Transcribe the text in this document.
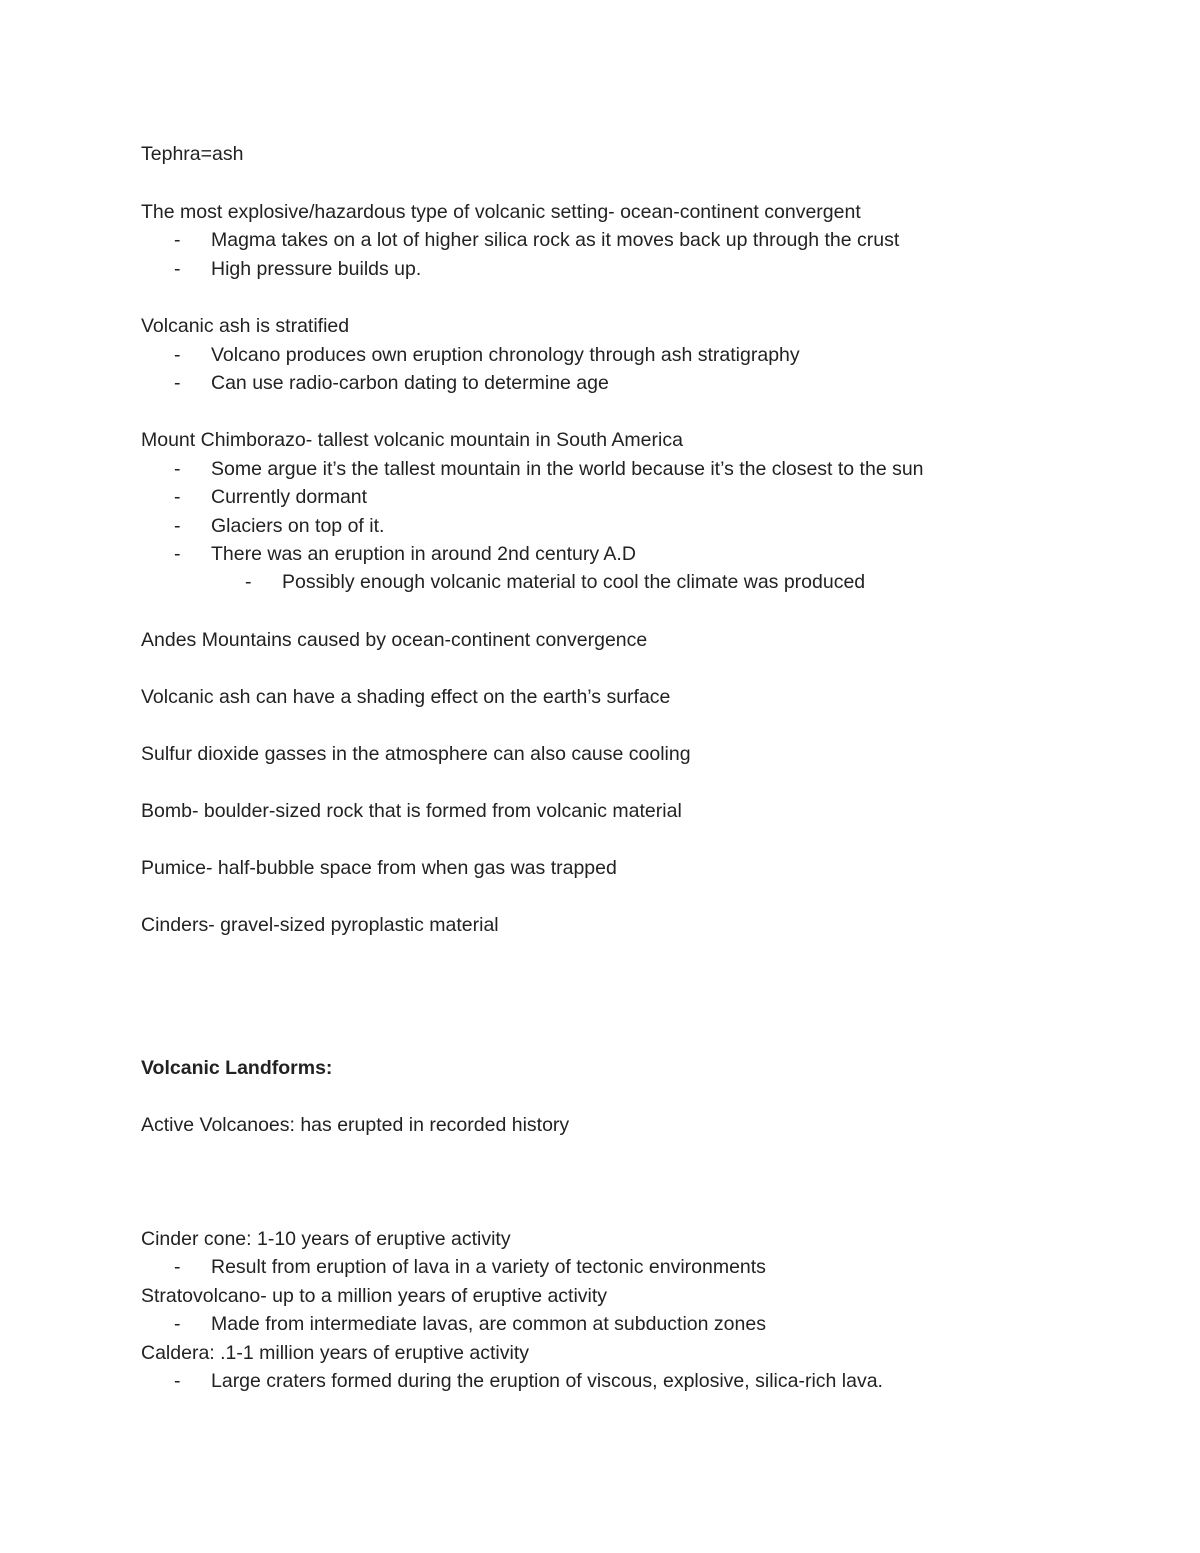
Tephra=ash
The most explosive/hazardous type of volcanic setting- ocean-continent convergent
- Magma takes on a lot of higher silica rock as it moves back up through the crust
- High pressure builds up.
Volcanic ash is stratified
- Volcano produces own eruption chronology through ash stratigraphy
- Can use radio-carbon dating to determine age
Mount Chimborazo- tallest volcanic mountain in South America
- Some argue it’s the tallest mountain in the world because it’s the closest to the sun
- Currently dormant
- Glaciers on top of it.
- There was an eruption in around 2nd century A.D
- Possibly enough volcanic material to cool the climate was produced
Andes Mountains caused by ocean-continent convergence
Volcanic ash can have a shading effect on the earth’s surface
Sulfur dioxide gasses in the atmosphere can also cause cooling
Bomb- boulder-sized rock that is formed from volcanic material
Pumice- half-bubble space from when gas was trapped
Cinders- gravel-sized pyroplastic material
Volcanic Landforms:
Active Volcanoes: has erupted in recorded history
Cinder cone: 1-10 years of eruptive activity
- Result from eruption of lava in a variety of tectonic environments
Stratovolcano- up to a million years of eruptive activity
- Made from intermediate lavas, are common at subduction zones
Caldera: .1-1 million years of eruptive activity
- Large craters formed during the eruption of viscous, explosive, silica-rich lava.
